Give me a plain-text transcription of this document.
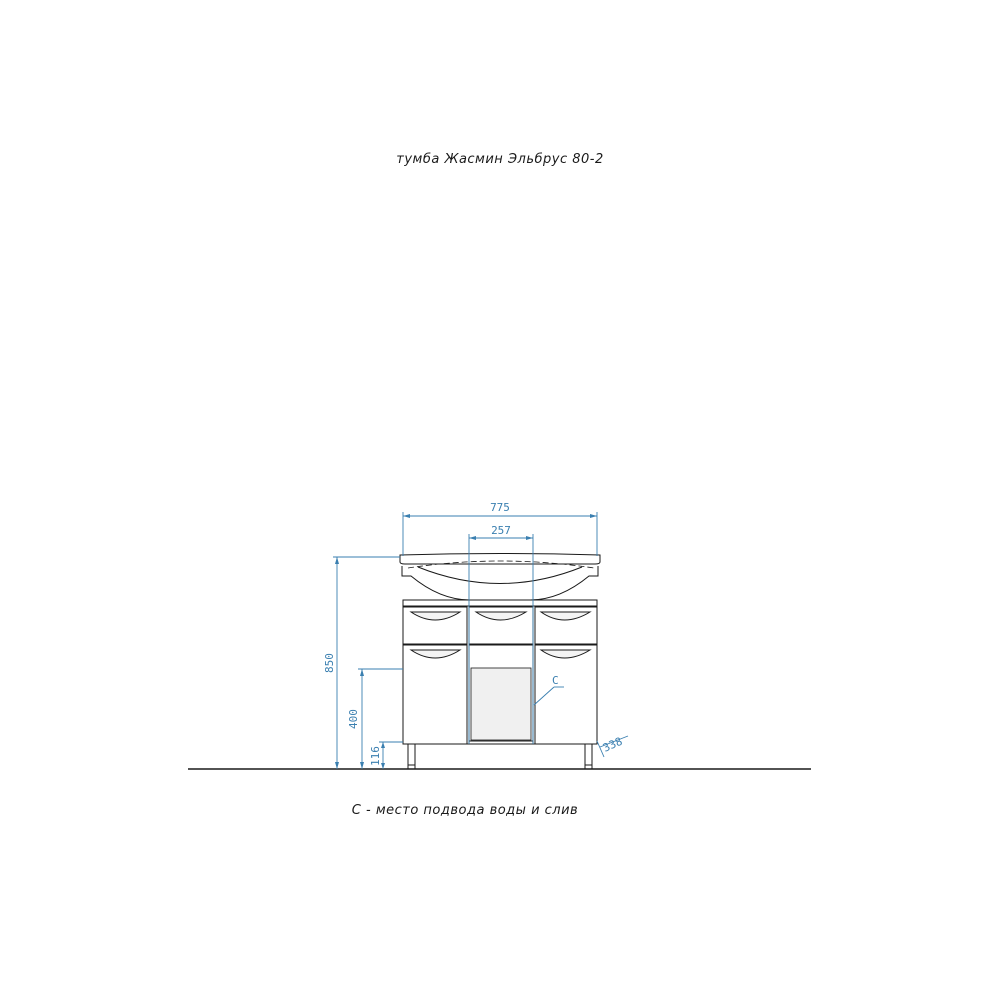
тумба Жасмин Эльбрус 80-2
775
257
850
400
116
338
С
С - место подвода воды и слив
